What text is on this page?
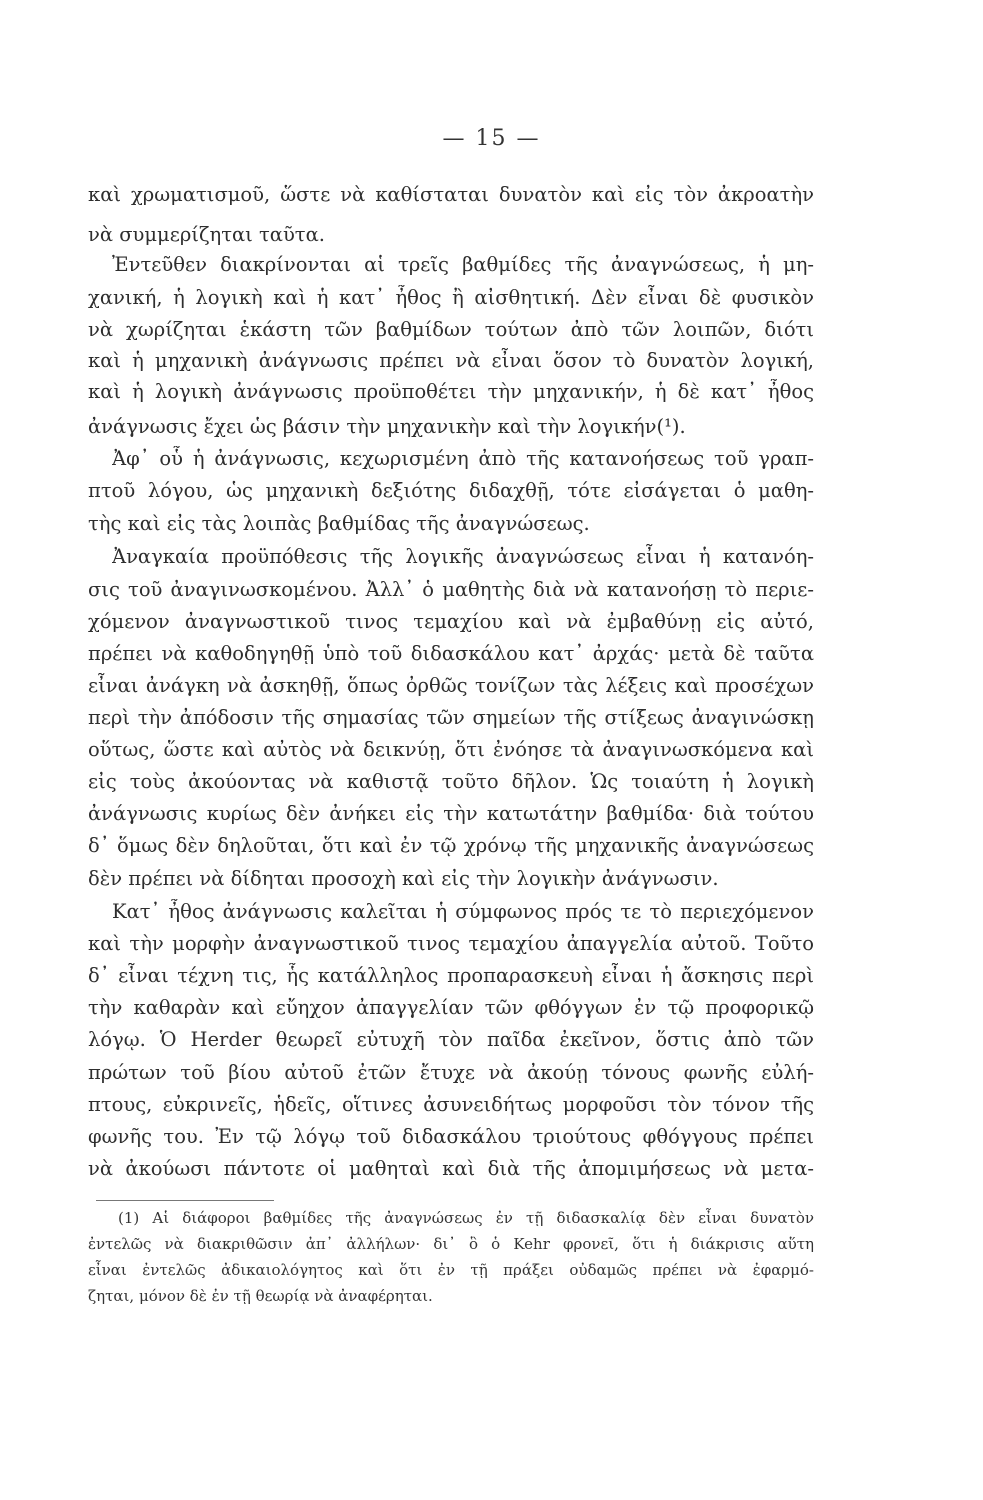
— 15 —
καὶ χρωματισμοῦ, ὥστε νὰ καθίσταται δυνατὸν καὶ εἰς τὸν ἀκροατὴν
νὰ συμμερίζηται ταῦτα.
Ἐντεῦθεν διακρίνονται αἱ τρεῖς βαθμίδες τῆς ἀναγνώσεως, ἡ μη-
χανική, ἡ λογικὴ καὶ ἡ κατ᾽ ἦθος ἢ αἰσθητική. Δὲν εἶναι δὲ φυσικὸν
νὰ χωρίζηται ἑκάστη τῶν βαθμίδων τούτων ἀπὸ τῶν λοιπῶν, διότι
καὶ ἡ μηχανικὴ ἀνάγνωσις πρέπει νὰ εἶναι ὅσον τὸ δυνατὸν λογική,
καὶ ἡ λογικὴ ἀνάγνωσις προϋποθέτει τὴν μηχανικήν, ἡ δὲ κατ᾽ ἦθος
ἀνάγνωσις ἔχει ὡς βάσιν τὴν μηχανικὴν καὶ τὴν λογικήν(¹).
Ἀφ᾽ οὗ ἡ ἀνάγνωσις, κεχωρισμένη ἀπὸ τῆς κατανοήσεως τοῦ γραπ-
πτοῦ λόγου, ὡς μηχανικὴ δεξιότης διδαχθῇ, τότε εἰσάγεται ὁ μαθη-
τὴς καὶ εἰς τὰς λοιπὰς βαθμίδας τῆς ἀναγνώσεως.
Ἀναγκαία προϋπόθεσις τῆς λογικῆς ἀναγνώσεως εἶναι ἡ κατανόη-
σις τοῦ ἀναγινωσκομένου. Ἀλλ᾽ ὁ μαθητὴς διὰ νὰ κατανοήσῃ τὸ περιε-
χόμενον ἀναγνωστικοῦ τινος τεμαχίου καὶ νὰ ἐμβαθύνῃ εἰς αὐτό,
πρέπει νὰ καθοδηγηθῇ ὑπὸ τοῦ διδασκάλου κατ᾽ ἀρχάς· μετὰ δὲ ταῦτα
εἶναι ἀνάγκη νὰ ἀσκηθῇ, ὅπως ὀρθῶς τονίζων τὰς λέξεις καὶ προσέχων
περὶ τὴν ἀπόδοσιν τῆς σημασίας τῶν σημείων τῆς στίξεως ἀναγινώσκῃ
οὕτως, ὥστε καὶ αὐτὸς νὰ δεικνύῃ, ὅτι ἐνόησε τὰ ἀναγινωσκόμενα καὶ
εἰς τοὺς ἀκούοντας νὰ καθιστᾷ τοῦτο δῆλον. Ὡς τοιαύτη ἡ λογικὴ
ἀνάγνωσις κυρίως δὲν ἀνήκει εἰς τὴν κατωτάτην βαθμίδα· διὰ τούτου
δ᾽ ὅμως δὲν δηλοῦται, ὅτι καὶ ἐν τῷ χρόνῳ τῆς μηχανικῆς ἀναγνώσεως
δὲν πρέπει νὰ δίδηται προσοχὴ καὶ εἰς τὴν λογικὴν ἀνάγνωσιν.
Κατ᾽ ἦθος ἀνάγνωσις καλεῖται ἡ σύμφωνος πρός τε τὸ περιεχόμενον
καὶ τὴν μορφὴν ἀναγνωστικοῦ τινος τεμαχίου ἀπαγγελία αὐτοῦ. Τοῦτο
δ᾽ εἶναι τέχνη τις, ἧς κατάλληλος προπαρασκευὴ εἶναι ἡ ἄσκησις περὶ
τὴν καθαρὰν καὶ εὔηχον ἀπαγγελίαν τῶν φθόγγων ἐν τῷ προφορικῷ
λόγῳ. Ὁ Herder θεωρεῖ εὐτυχῆ τὸν παῖδα ἐκεῖνον, ὅστις ἀπὸ τῶν
πρώτων τοῦ βίου αὐτοῦ ἐτῶν ἔτυχε νὰ ἀκούῃ τόνους φωνῆς εὐλή-
πτους, εὐκρινεῖς, ἡδεῖς, οἵτινες ἀσυνειδήτως μορφοῦσι τὸν τόνον τῆς
φωνῆς του. Ἐν τῷ λόγῳ τοῦ διδασκάλου τριούτους φθόγγους πρέπει
νὰ ἀκούωσι πάντοτε οἱ μαθηταὶ καὶ διὰ τῆς ἀπομιμήσεως νὰ μετα-
(1) Αἱ διάφοροι βαθμίδες τῆς ἀναγνώσεως ἐν τῇ διδασκαλίᾳ δὲν εἶναι δυνατὸν
ἐντελῶς νὰ διακριθῶσιν ἀπ᾽ ἀλλήλων· δι᾽ ὃ ὁ Kehr φρονεῖ, ὅτι ἡ διάκρισις αὕτη
εἶναι ἐντελῶς ἀδικαιολόγητος καὶ ὅτι ἐν τῇ πράξει οὐδαμῶς πρέπει νὰ ἐφαρμό-
ζηται, μόνον δὲ ἐν τῇ θεωρίᾳ νὰ ἀναφέρηται.
